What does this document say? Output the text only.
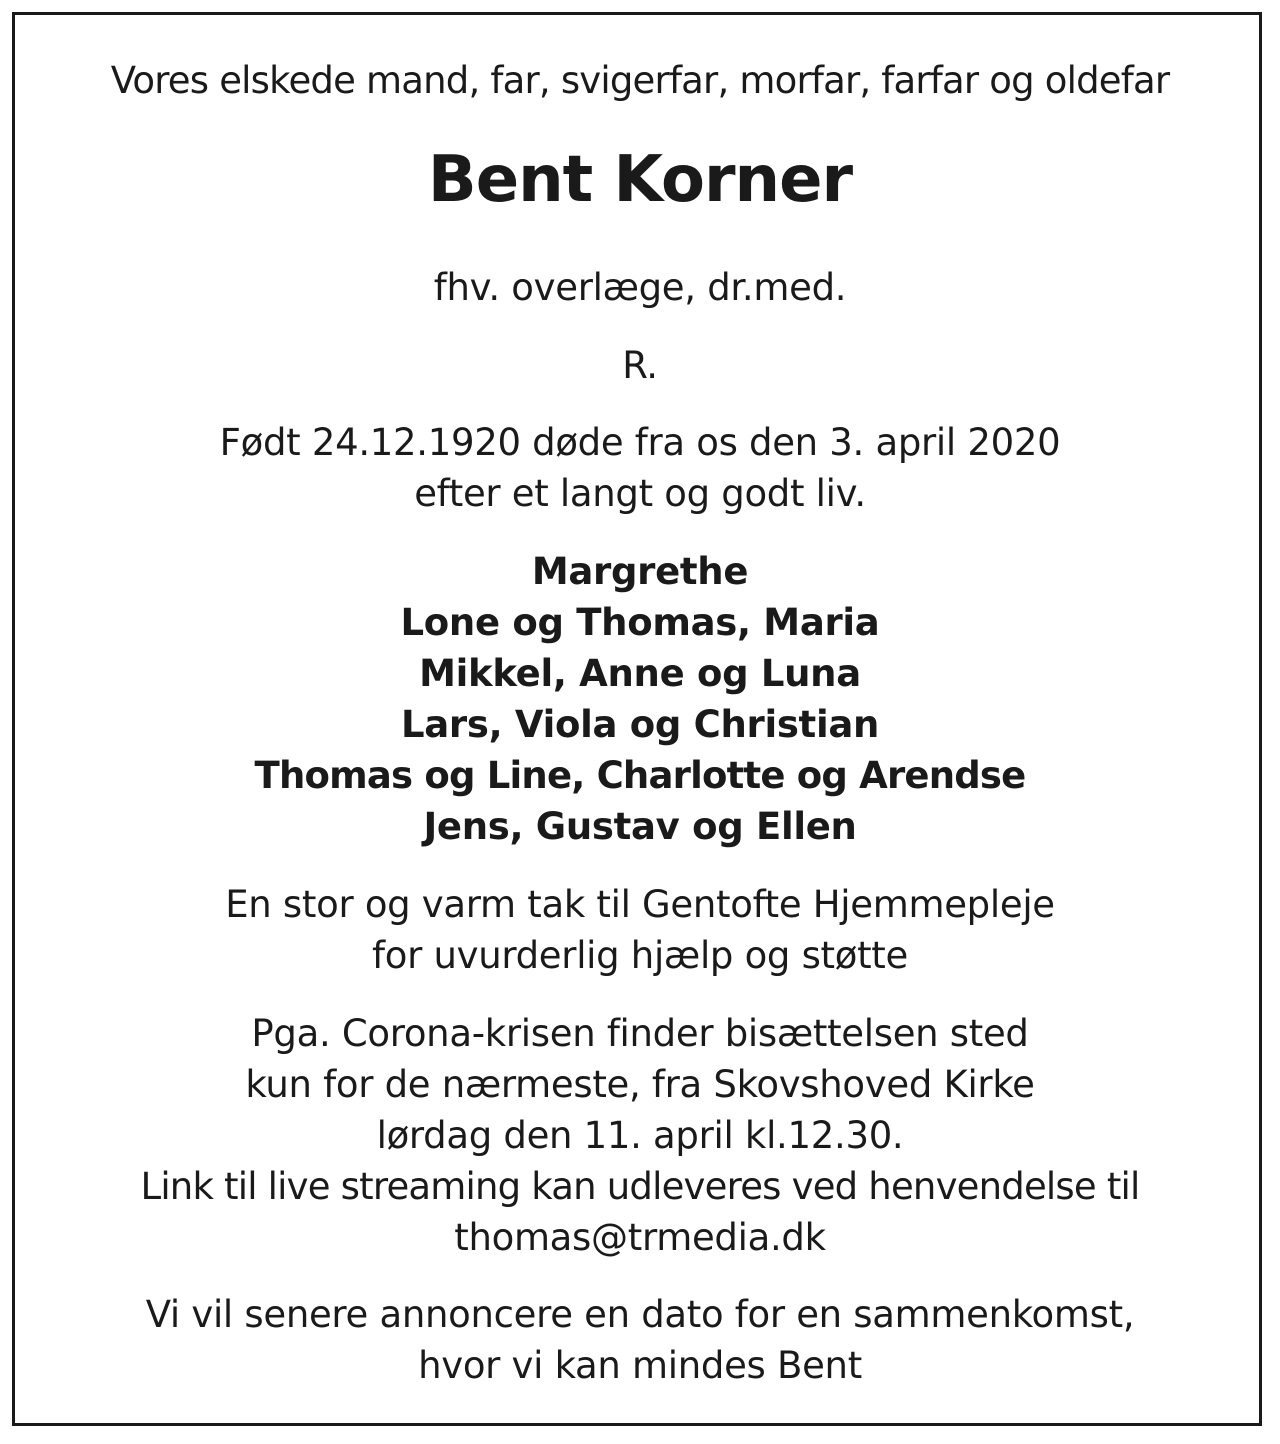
Vores elskede mand, far, svigerfar, morfar, farfar og oldefar
Bent Korner
fhv. overlæge, dr.med.
R.
Født 24.12.1920 døde fra os den 3. april 2020
efter et langt og godt liv.
Margrethe
Lone og Thomas, Maria
Mikkel, Anne og Luna
Lars, Viola og Christian
Thomas og Line, Charlotte og Arendse
Jens, Gustav og Ellen
En stor og varm tak til Gentofte Hjemmepleje
for uvurderlig hjælp og støtte
Pga. Corona-krisen finder bisættelsen sted
kun for de nærmeste, fra Skovshoved Kirke
lørdag den 11. april kl.12.30.
Link til live streaming kan udleveres ved henvendelse til
thomas@trmedia.dk
Vi vil senere annoncere en dato for en sammenkomst,
hvor vi kan mindes Bent
